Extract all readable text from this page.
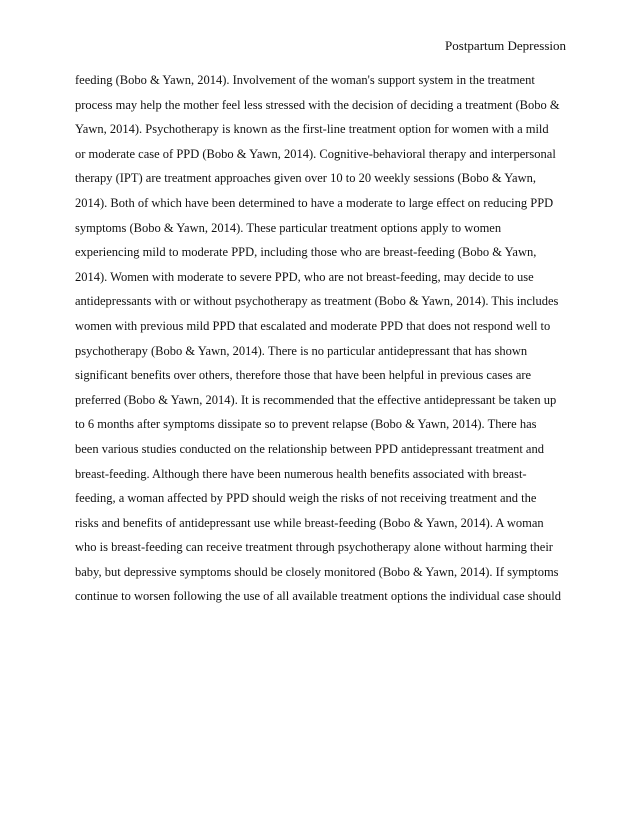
Postpartum Depression
feeding (Bobo & Yawn, 2014). Involvement of the woman's support system in the treatment
process may help the mother feel less stressed with the decision of deciding a treatment (Bobo &
Yawn, 2014). Psychotherapy is known as the first-line treatment option for women with a mild
or moderate case of PPD (Bobo & Yawn, 2014). Cognitive-behavioral therapy and interpersonal
therapy (IPT) are treatment approaches given over 10 to 20 weekly sessions (Bobo & Yawn,
2014). Both of which have been determined to have a moderate to large effect on reducing PPD
symptoms (Bobo & Yawn, 2014). These particular treatment options apply to women
experiencing mild to moderate PPD, including those who are breast-feeding (Bobo & Yawn,
2014). Women with moderate to severe PPD, who are not breast-feeding, may decide to use
antidepressants with or without psychotherapy as treatment (Bobo & Yawn, 2014). This includes
women with previous mild PPD that escalated and moderate PPD that does not respond well to
psychotherapy (Bobo & Yawn, 2014). There is no particular antidepressant that has shown
significant benefits over others, therefore those that have been helpful in previous cases are
preferred (Bobo & Yawn, 2014). It is recommended that the effective antidepressant be taken up
to 6 months after symptoms dissipate so to prevent relapse (Bobo & Yawn, 2014). There has
been various studies conducted on the relationship between PPD antidepressant treatment and
breast-feeding. Although there have been numerous health benefits associated with breast-
feeding, a woman affected by PPD should weigh the risks of not receiving treatment and the
risks and benefits of antidepressant use while breast-feeding (Bobo & Yawn, 2014). A woman
who is breast-feeding can receive treatment through psychotherapy alone without harming their
baby, but depressive symptoms should be closely monitored (Bobo & Yawn, 2014). If symptoms
continue to worsen following the use of all available treatment options the individual case should
